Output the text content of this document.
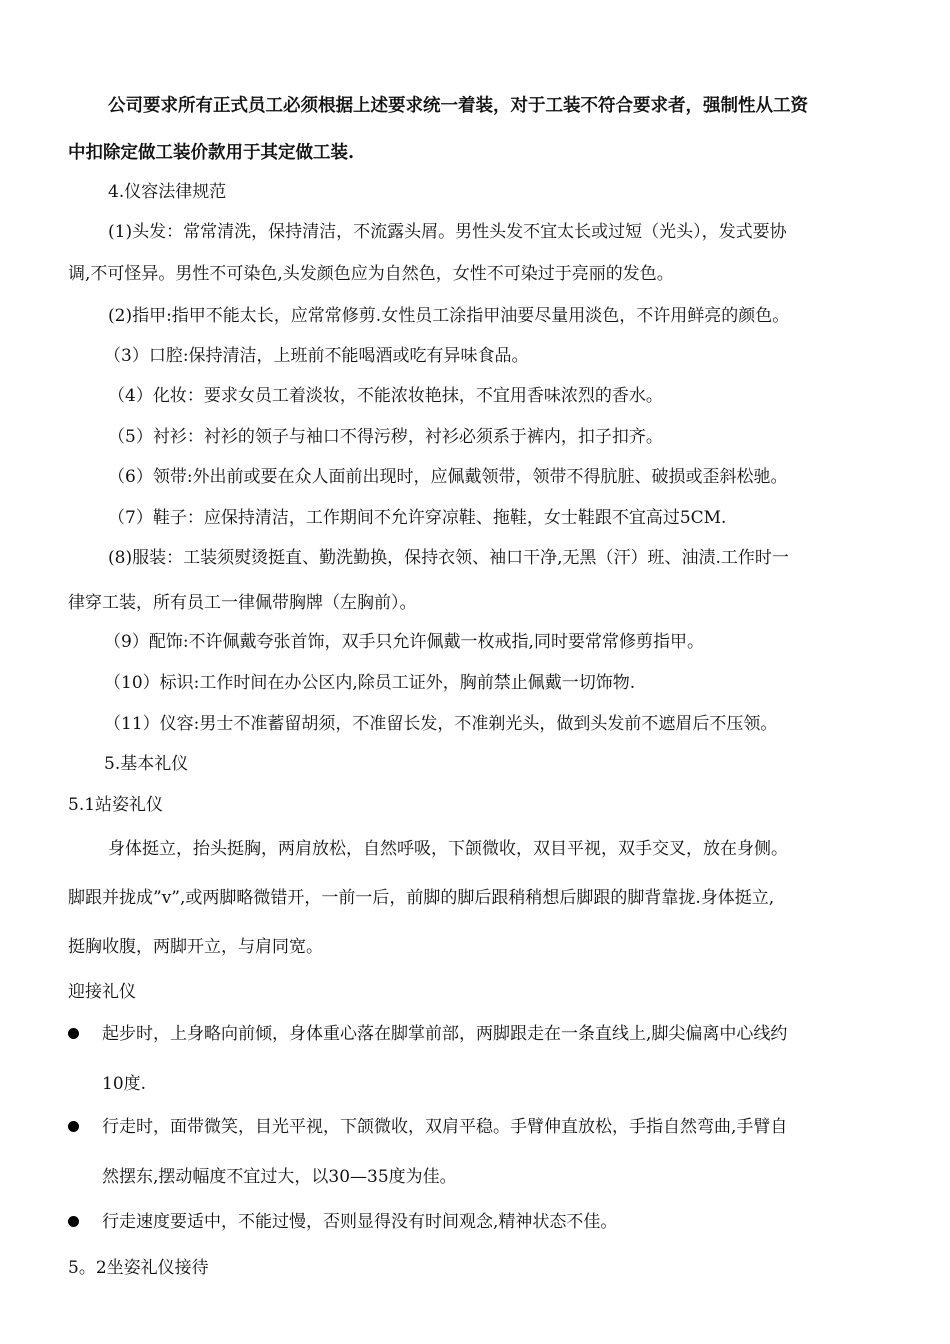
公司要求所有正式员工必须根据上述要求统一着装，对于工装不符合要求者，强制性从工资
中扣除定做工装价款用于其定做工装.
4.仪容法律规范
(1)头发：常常清洗，保持清洁，不流露头屑。男性头发不宜太长或过短（光头），发式要协
调,不可怪异。男性不可染色,头发颜色应为自然色，女性不可染过于亮丽的发色。
(2)指甲:指甲不能太长，应常常修剪.女性员工涂指甲油要尽量用淡色，不许用鲜亮的颜色。
（3）口腔:保持清洁，上班前不能喝酒或吃有异味食品。
（4）化妆：要求女员工着淡妆，不能浓妆艳抹，不宜用香味浓烈的香水。
（5）衬衫：衬衫的领子与袖口不得污秽，衬衫必须系于裤内，扣子扣齐。
（6）领带:外出前或要在众人面前出现时，应佩戴领带，领带不得肮脏、破损或歪斜松驰。
（7）鞋子：应保持清洁，工作期间不允许穿凉鞋、拖鞋，女士鞋跟不宜高过5CM.
(8)服装：工装须熨烫挺直、勤洗勤换，保持衣领、袖口干净,无黑（汗）班、油渍.工作时一
律穿工装，所有员工一律佩带胸牌（左胸前）。
（9）配饰:不许佩戴夸张首饰，双手只允许佩戴一枚戒指,同时要常常修剪指甲。
（10）标识:工作时间在办公区内,除员工证外，胸前禁止佩戴一切饰物.
（11）仪容:男士不准蓄留胡须，不准留长发，不准剃光头，做到头发前不遮眉后不压领。
5.基本礼仪
5.1站姿礼仪
身体挺立，抬头挺胸，两肩放松，自然呼吸，下颌微收，双目平视，双手交叉，放在身侧。
脚跟并拢成”v”,或两脚略微错开，一前一后，前脚的脚后跟稍稍想后脚跟的脚背靠拢.身体挺立,
挺胸收腹，两脚开立，与肩同宽。
迎接礼仪
起步时，上身略向前倾，身体重心落在脚掌前部，两脚跟走在一条直线上,脚尖偏离中心线约
10度.
行走时，面带微笑，目光平视，下颌微收，双肩平稳。手臂伸直放松，手指自然弯曲,手臂自
然摆东,摆动幅度不宜过大，以30—35度为佳。
行走速度要适中，不能过慢，否则显得没有时间观念,精神状态不佳。
5。2坐姿礼仪接待
